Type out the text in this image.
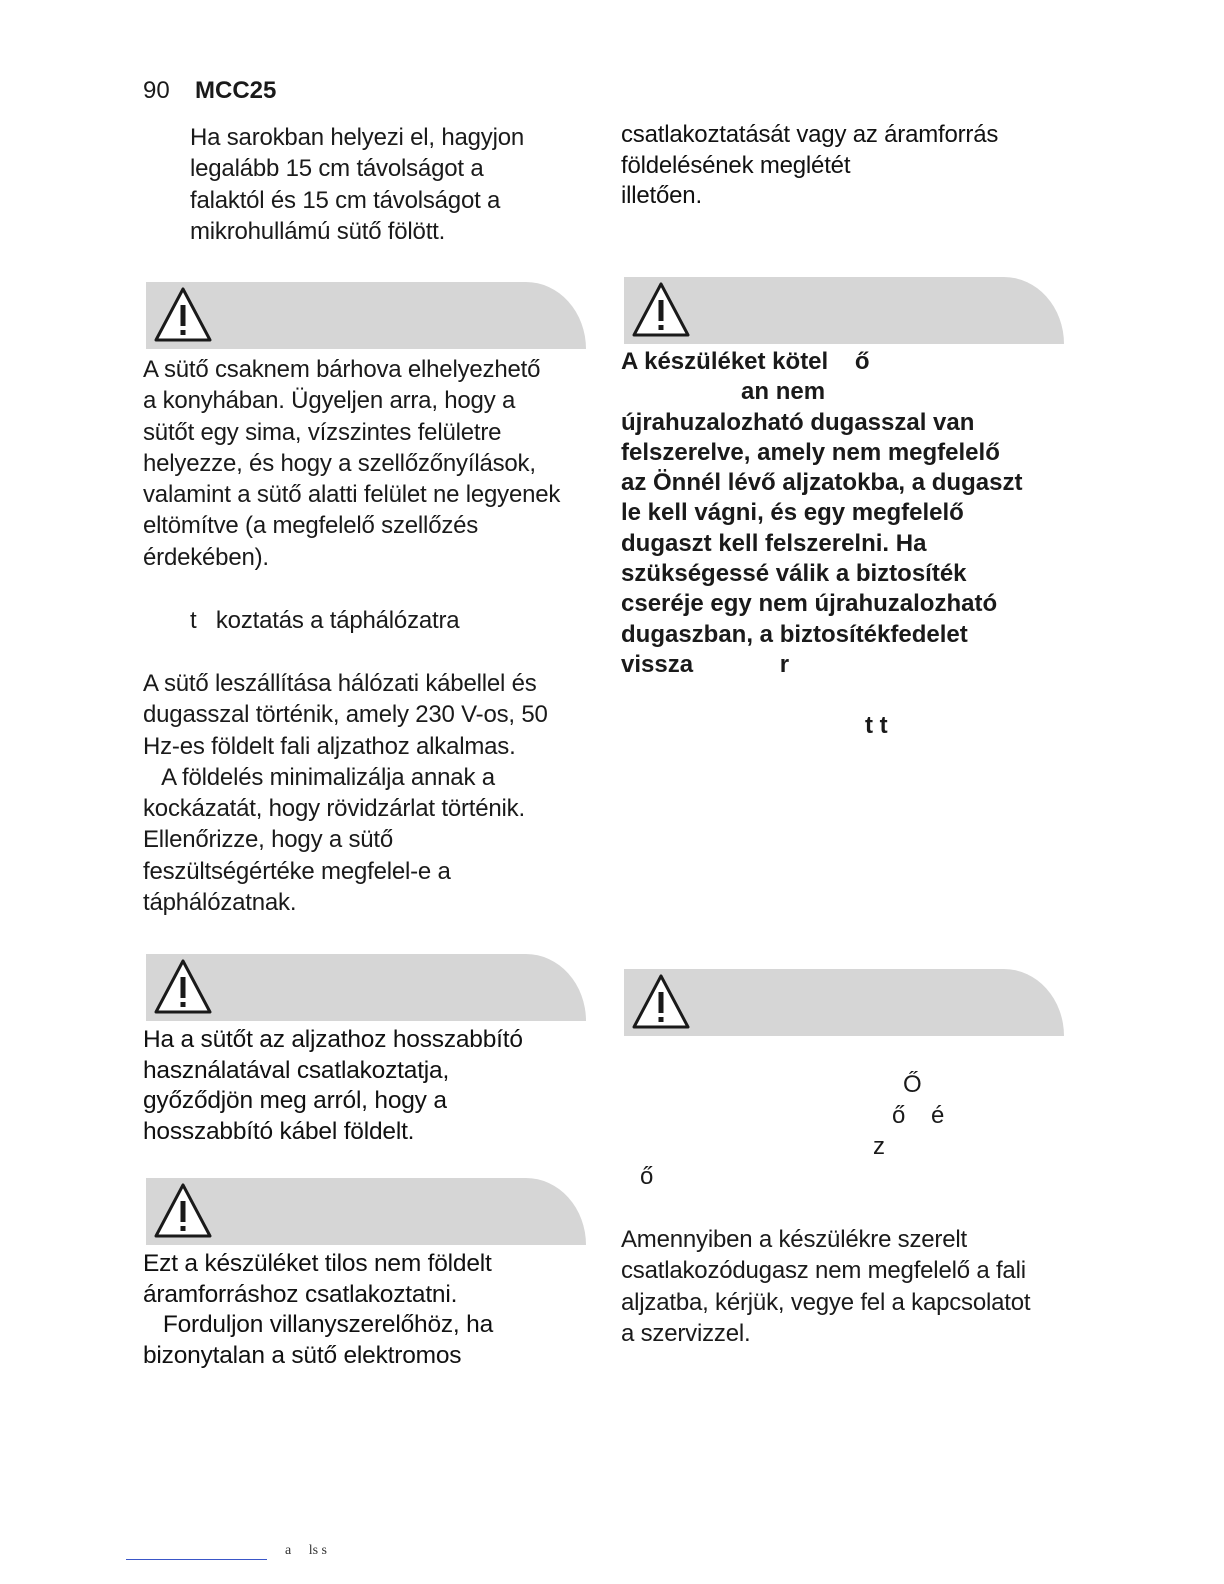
90 MCC25
Ha sarokban helyezi el, hagyjon
legalább 15 cm távolságot a
falaktól és 15 cm távolságot a
mikrohullámú sütő fölött.
A sütő csaknem bárhova elhelyezhető
a konyhában. Ügyeljen arra, hogy a
sütőt egy sima, vízszintes felületre
helyezze, és hogy a szellőzőnyílások,
valamint a sütő alatti felület ne legyenek
eltömítve (a megfelelő szellőzés
érdekében).
t   koztatás a táphálózatra
A sütő leszállítása hálózati kábellel és
dugasszal történik, amely 230 V-os, 50
Hz-es földelt fali aljzathoz alkalmas.
A földelés minimalizálja annak a
kockázatát, hogy rövidzárlat történik.
Ellenőrizze, hogy a sütő
feszültségértéke megfelel-e a
táphálózatnak.
Ha a sütőt az aljzathoz hosszabbító
használatával csatlakoztatja,
győződjön meg arról, hogy a
hosszabbító kábel földelt.
Ezt a készüléket tilos nem földelt
áramforráshoz csatlakoztatni.
Forduljon villanyszerelőhöz, ha
bizonytalan a sütő elektromos
csatlakoztatását vagy az áramforrás
földelésének meglétét
illetően.
A készüléket kötel    ő
an nem
újrahuzalozható dugasszal van
felszerelve, amely nem megfelelő
az Önnél lévő aljzatokba, a dugaszt
le kell vágni, és egy megfelelő
dugaszt kell felszerelni. Ha
szükségessé válik a biztosíték
cseréje egy nem újrahuzalozható
dugaszban, a biztosítékfedelet
vissza             r
t t
Ő
ő    é
z
ő
Amennyiben a készülékre szerelt
csatlakozódugasz nem megfelelő a fali
aljzatba, kérjük, vegye fel a kapcsolatot
a szervizzel.
a     ls s
